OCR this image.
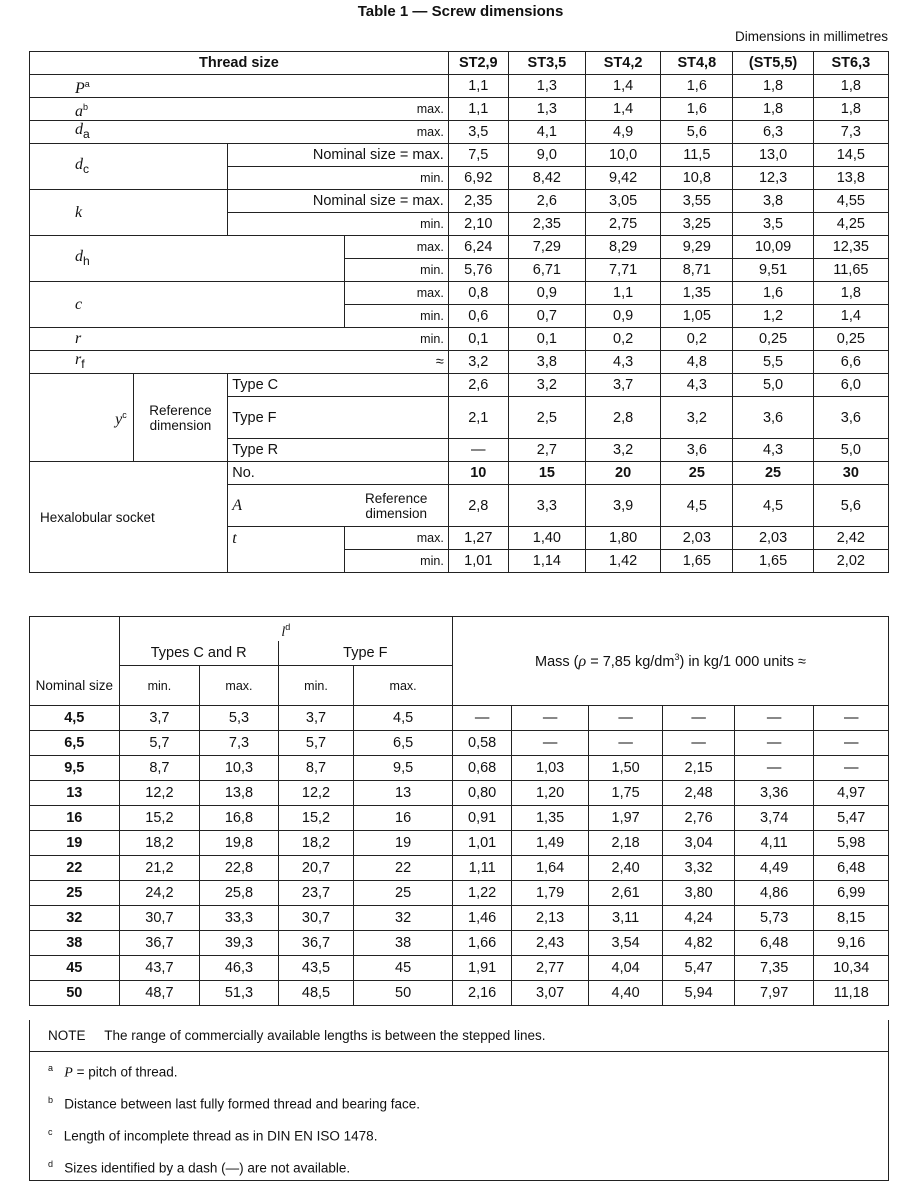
Table 1 — Screw dimensions
Dimensions in millimetres
Thread size				ST2,9	ST3,5	ST4,2	ST4,8	(ST5,5)	ST6,3
$P^a$				1,1	1,3	1,4	1,6	1,8	1,8
$a^b$			max.	1,1	1,3	1,4	1,6	1,8	1,8
$d_a$			max.	3,5	4,1	4,9	5,6	6,3	7,3
$d_c$		Nominal size = max.		7,5	9,0	10,0	11,5	13,0	14,5
		min.		6,92	8,42	9,42	10,8	12,3	13,8
k		Nominal size = max.		2,35	2,6	3,05	3,55	3,8	4,55
		min.		2,10	2,35	2,75	3,25	3,5	4,25
$d_h$			max.	6,24	7,29	8,29	9,29	10,09	12,35
			min.	5,76	6,71	7,71	8,71	9,51	11,65
c			max.	0,8	0,9	1,1	1,35	1,6	1,8
			min.	0,6	0,7	0,9	1,05	1,2	1,4
r			min.	0,1	0,1	0,2	0,2	0,25	0,25
$r_f$			≈	3,2	3,8	4,3	4,8	5,5	6,6
$y^c$	Reference dimension	Type C		2,6	3,2	3,7	4,3	5,0	6,0
		Type F		2,1	2,5	2,8	3,2	3,6	3,6
		Type R		—	2,7	3,2	3,6	4,3	5,0
Hexalobular socket		No.		10	15	20	25	25	30
		A	Reference dimension	2,8	3,3	3,9	4,5	4,5	5,6
		t	max.	1,27	1,40	1,80	2,03	2,03	2,42
			min.	1,01	1,14	1,42	1,65	1,65	2,02
	$l^d$				Mass (ρ = 7,85 $kg/dm^3$) in kg/1 000 units ≈					
	Types C and R		Type F							
Nominal size	min.	max.	min.	max.						
4,5	3,7	5,3	3,7	4,5	—	—	—	—	—	—
6,5	5,7	7,3	5,7	6,5	0,58	—	—	—	—	—
9,5	8,7	10,3	8,7	9,5	0,68	1,03	1,50	2,15	—	—
13	12,2	13,8	12,2	13	0,80	1,20	1,75	2,48	3,36	4,97
16	15,2	16,8	15,2	16	0,91	1,35	1,97	2,76	3,74	5,47
19	18,2	19,8	18,2	19	1,01	1,49	2,18	3,04	4,11	5,98
22	21,2	22,8	20,7	22	1,11	1,64	2,40	3,32	4,49	6,48
25	24,2	25,8	23,7	25	1,22	1,79	2,61	3,80	4,86	6,99
32	30,7	33,3	30,7	32	1,46	2,13	3,11	4,24	5,73	8,15
38	36,7	39,3	36,7	38	1,66	2,43	3,54	4,82	6,48	9,16
45	43,7	46,3	43,5	45	1,91	2,77	4,04	5,47	7,35	10,34
50	48,7	51,3	48,5	50	2,16	3,07	4,40	5,94	7,97	11,18
NOTE The range of commercially available lengths is between the stepped lines.
$^a$ P = pitch of thread.
$^b$ Distance between last fully formed thread and bearing face.
$^c$ Length of incomplete thread as in DIN EN ISO 1478.
$^d$ Sizes identified by a dash (—) are not available.
